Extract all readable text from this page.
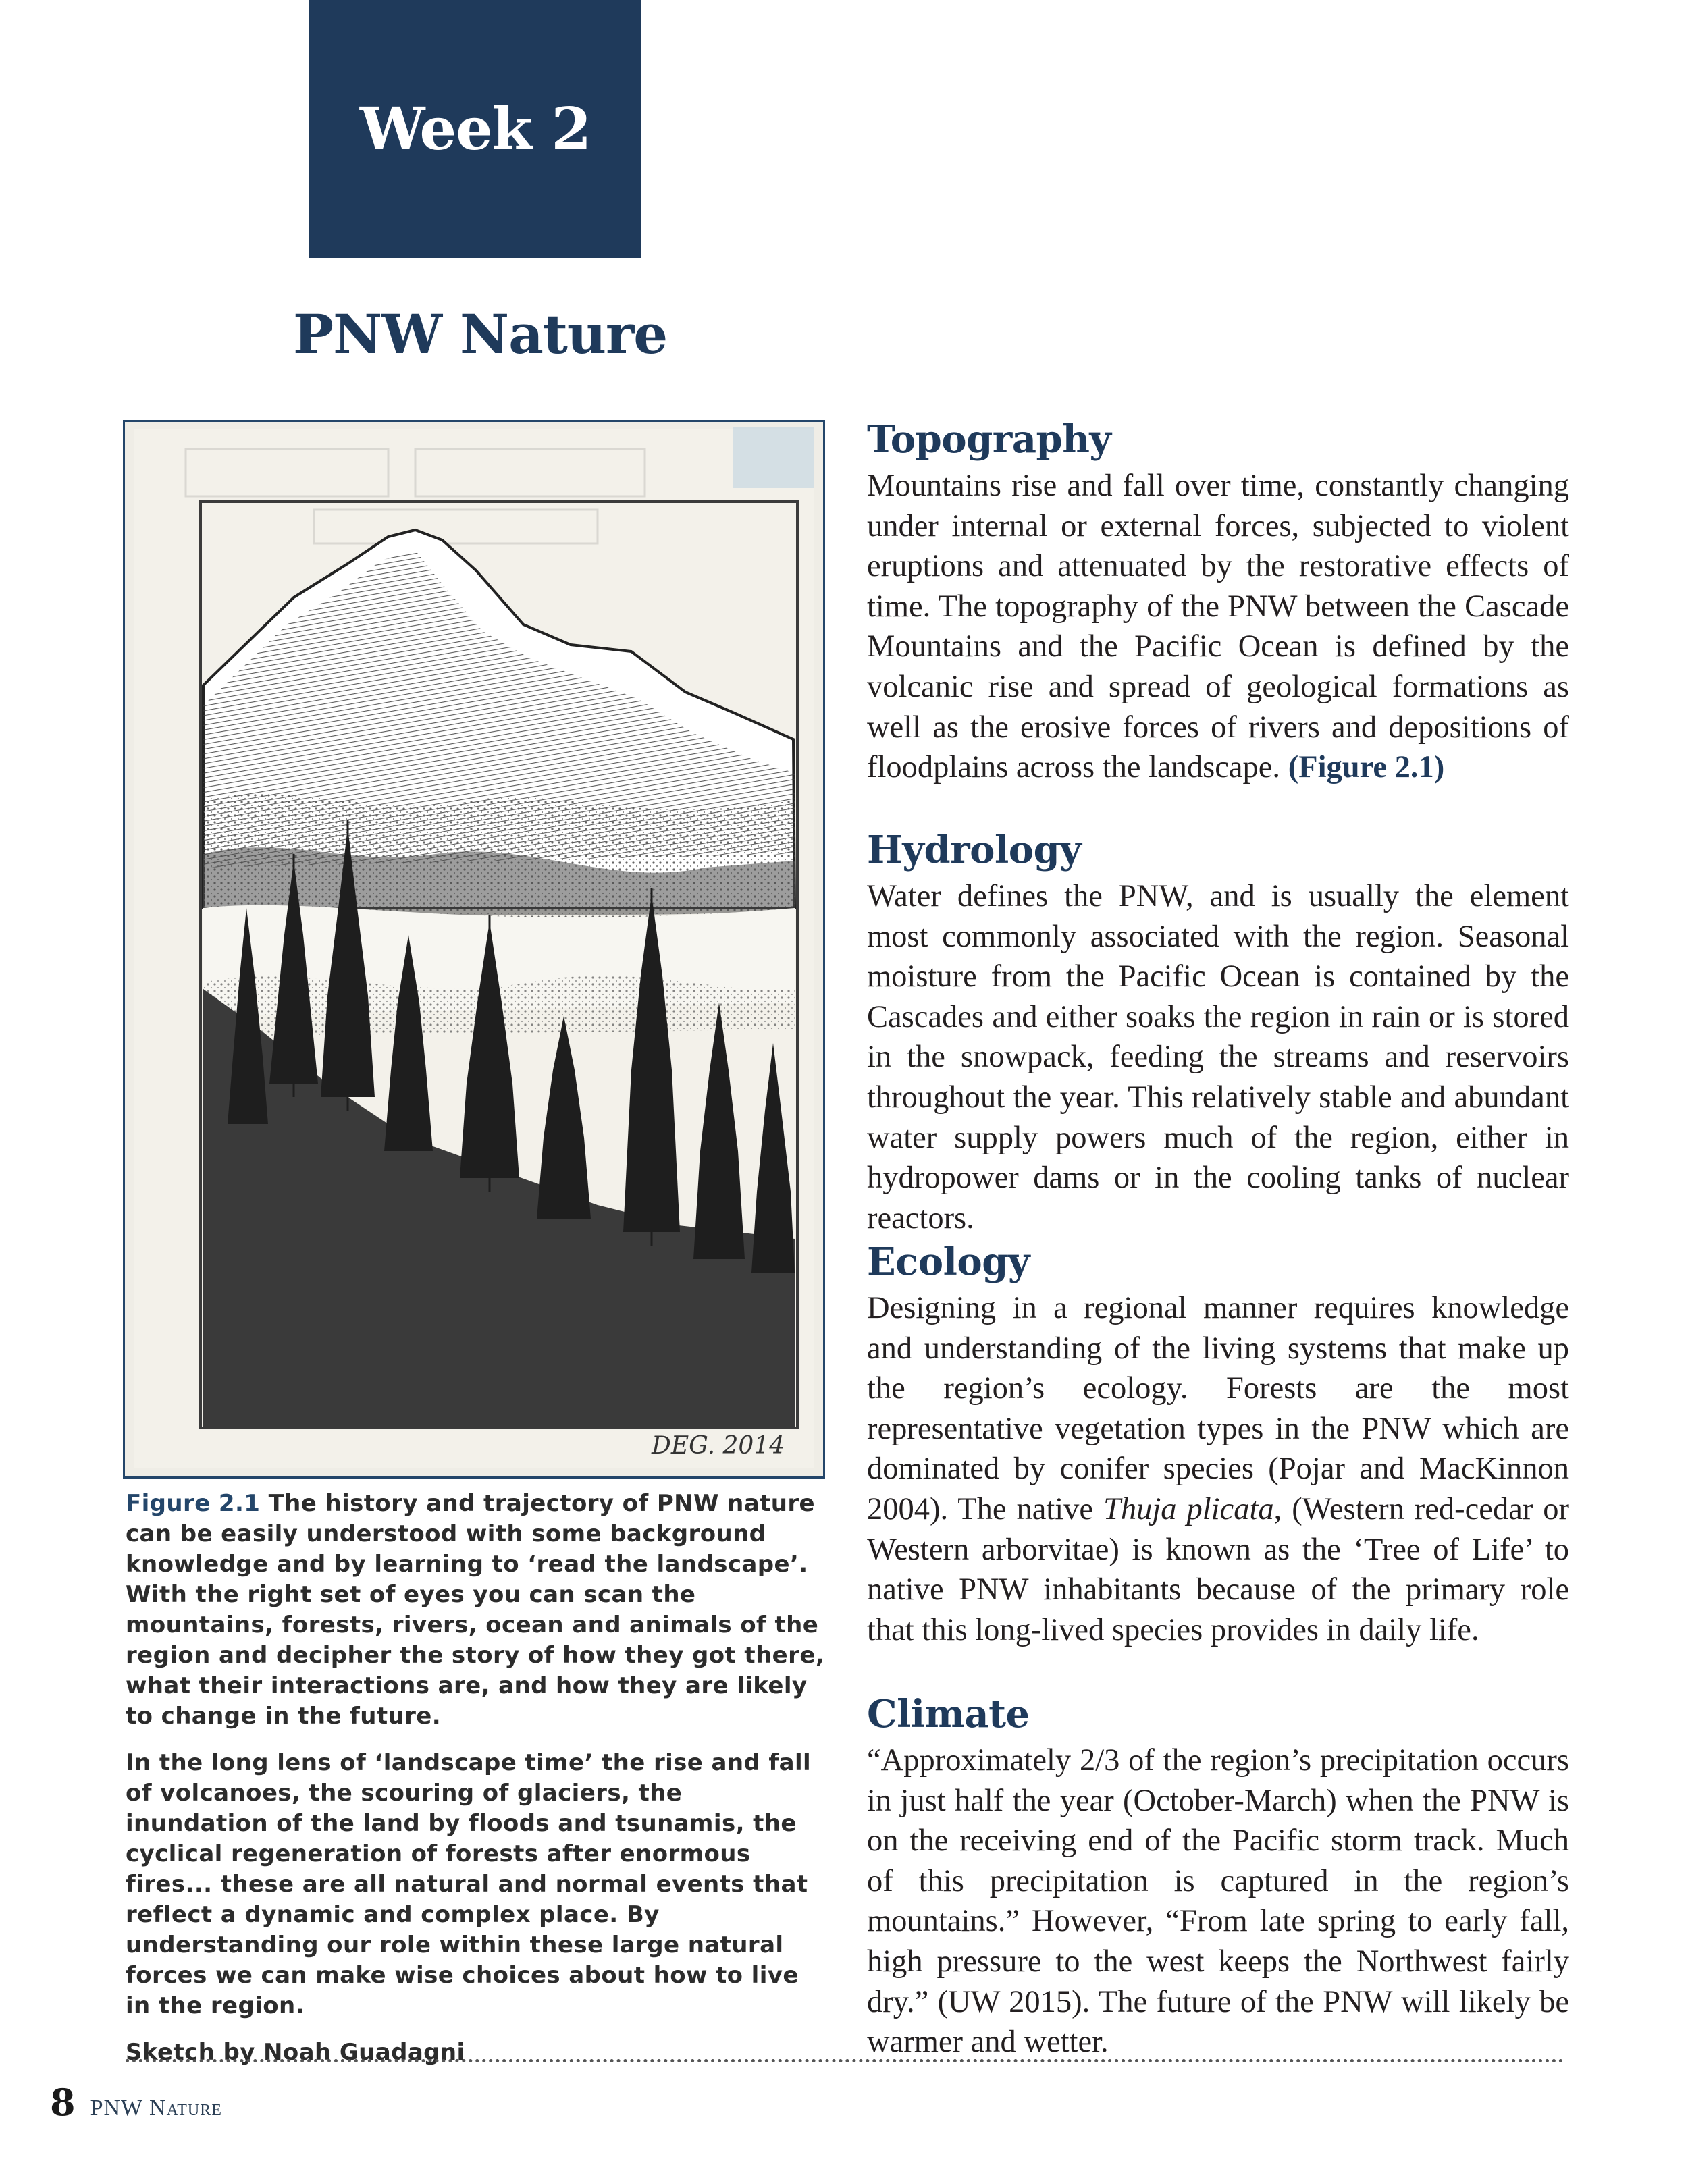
Week 2
PNW Nature
DEG. 2014

Figure 2.1 The history and trajectory of PNW nature can be easily understood with some background knowledge and by learning to ‘read the landscape’. With the right set of eyes you can scan the mountains, forests, rivers, ocean and animals of the region and decipher the story of how they got there, what their interactions are, and how they are likely to change in the future.

In the long lens of ‘landscape time’ the rise and fall of volcanoes, the scouring of glaciers, the inundation of the land by floods and tsunamis, the cyclical regeneration of forests after enormous fires... these are all natural and normal events that reflect a dynamic and complex place. By understanding our role within these large natural forces we can make wise choices about how to live in the region.

Sketch by Noah Guadagni

Topography

Mountains rise and fall over time, constantly changing under internal or external forces, subjected to violent eruptions and attenuated by the restorative effects of time. The topography of the PNW between the Cascade Mountains and the Pacific Ocean is defined by the volcanic rise and spread of geological formations as well as the erosive forces of rivers and depositions of floodplains across the landscape. (Figure 2.1)

Hydrology

Water defines the PNW, and is usually the element most commonly associated with the region. Seasonal moisture from the Pacific Ocean is contained by the Cascades and either soaks the region in rain or is stored in the snowpack, feeding the streams and reservoirs throughout the year. This relatively stable and abundant water supply powers much of the region, either in hydropower dams or in the cooling tanks of nuclear reactors.

Ecology

Designing in a regional manner requires knowledge and understanding of the living systems that make up the region’s ecology. Forests are the most representative vegetation types in the PNW which are dominated by conifer species (Pojar and MacKinnon 2004). The native Thuja plicata, (Western red-cedar or Western arborvitae) is known as the ‘Tree of Life’ to native PNW inhabitants because of the primary role that this long-lived species provides in daily life.

Climate

“Approximately 2/3 of the region’s precipitation occurs in just half the year (October-March) when the PNW is on the receiving end of the Pacific storm track. Much of this precipitation is captured in the region’s mountains.” However, “From late spring to early fall, high pressure to the west keeps the Northwest fairly dry.” (UW 2015). The future of the PNW will likely be warmer and wetter.

8 PNW Nature
